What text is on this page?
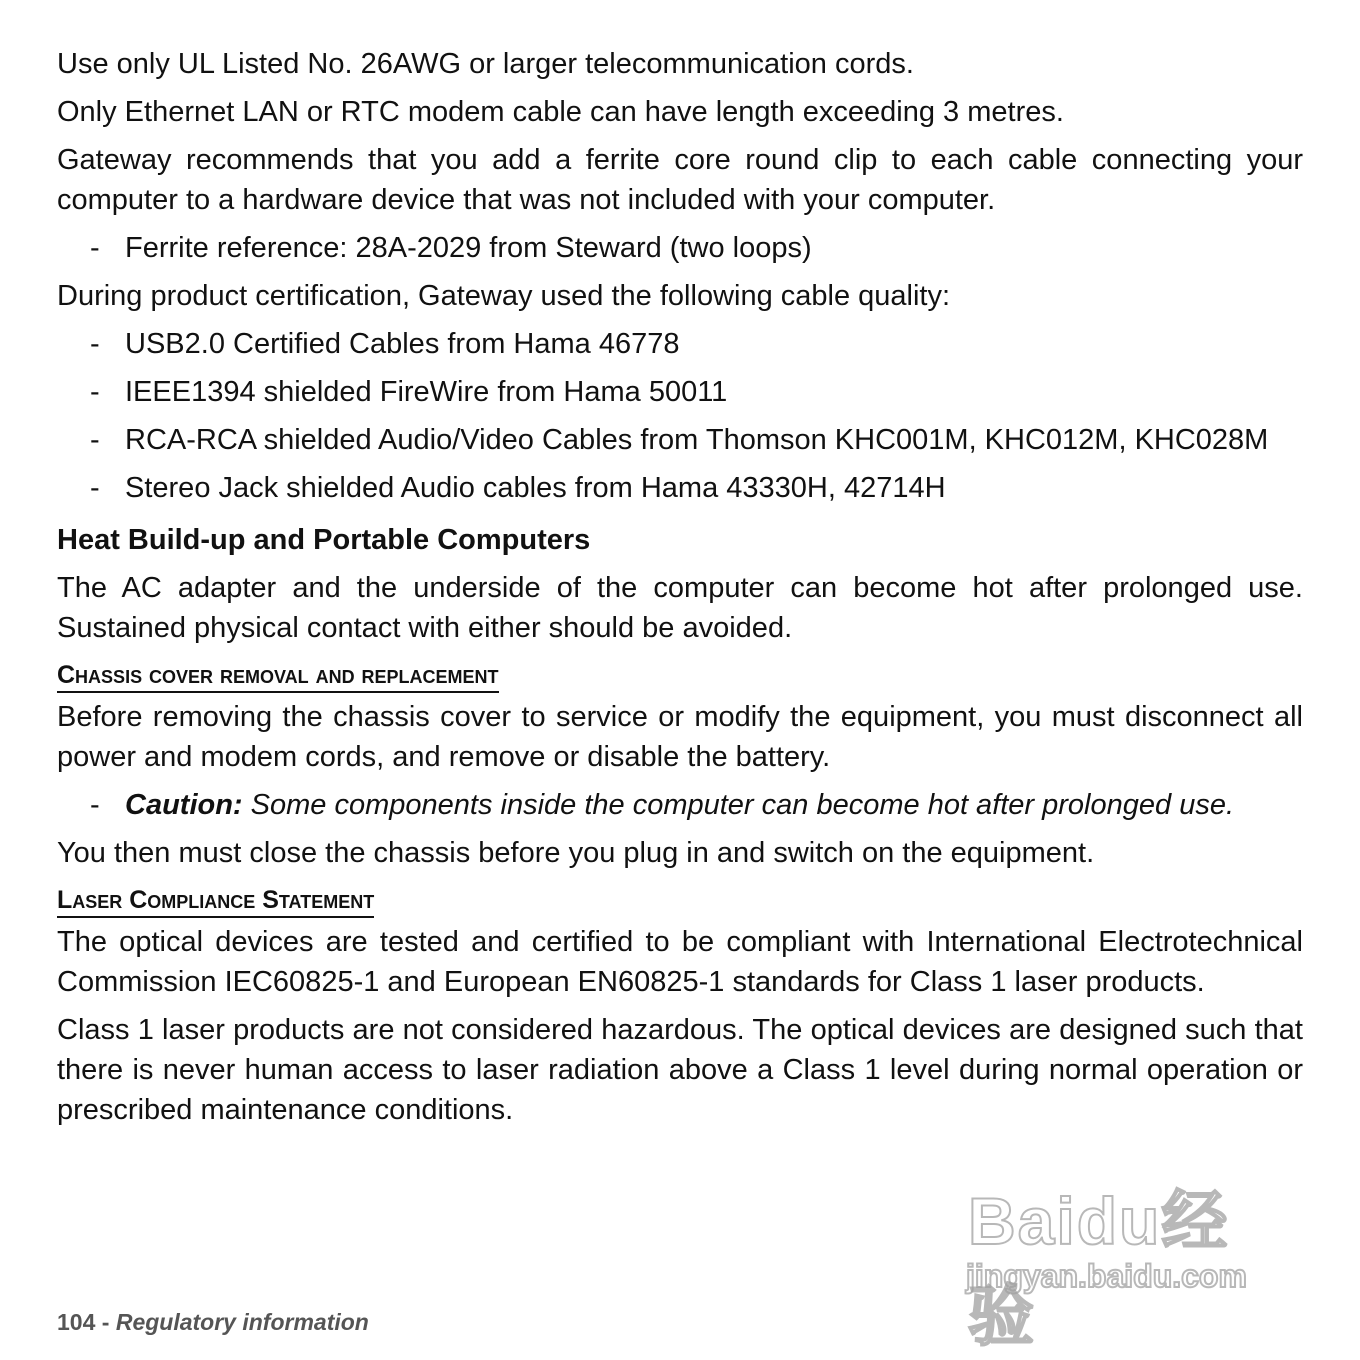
Use only UL Listed No. 26AWG or larger telecommunication cords.

Only Ethernet LAN or RTC modem cable can have length exceeding 3 metres.

Gateway recommends that you add a ferrite core round clip to each cable connecting your computer to a hardware device that was not included with your computer.

- Ferrite reference: 28A-2029 from Steward (two loops)

During product certification, Gateway used the following cable quality:

- USB2.0 Certified Cables from Hama 46778
- IEEE1394 shielded FireWire from Hama 50011
- RCA-RCA shielded Audio/Video Cables from Thomson KHC001M, KHC012M, KHC028M
- Stereo Jack shielded Audio cables from Hama 43330H, 42714H
Heat Build-up and Portable Computers

The AC adapter and the underside of the computer can become hot after prolonged use. Sustained physical contact with either should be avoided.

Chassis cover removal and replacement

Before removing the chassis cover to service or modify the equipment, you must disconnect all power and modem cords, and remove or disable the battery.

- Caution: Some components inside the computer can become hot after prolonged use.

You then must close the chassis before you plug in and switch on the equipment.

Laser Compliance Statement

The optical devices are tested and certified to be compliant with International Electrotechnical Commission IEC60825-1 and European EN60825-1 standards for Class 1 laser products.

Class 1 laser products are not considered hazardous. The optical devices are designed such that there is never human access to laser radiation above a Class 1 level during normal operation or prescribed maintenance conditions.

104 - Regulatory information
Baidu经验
jingyan.baidu.com
